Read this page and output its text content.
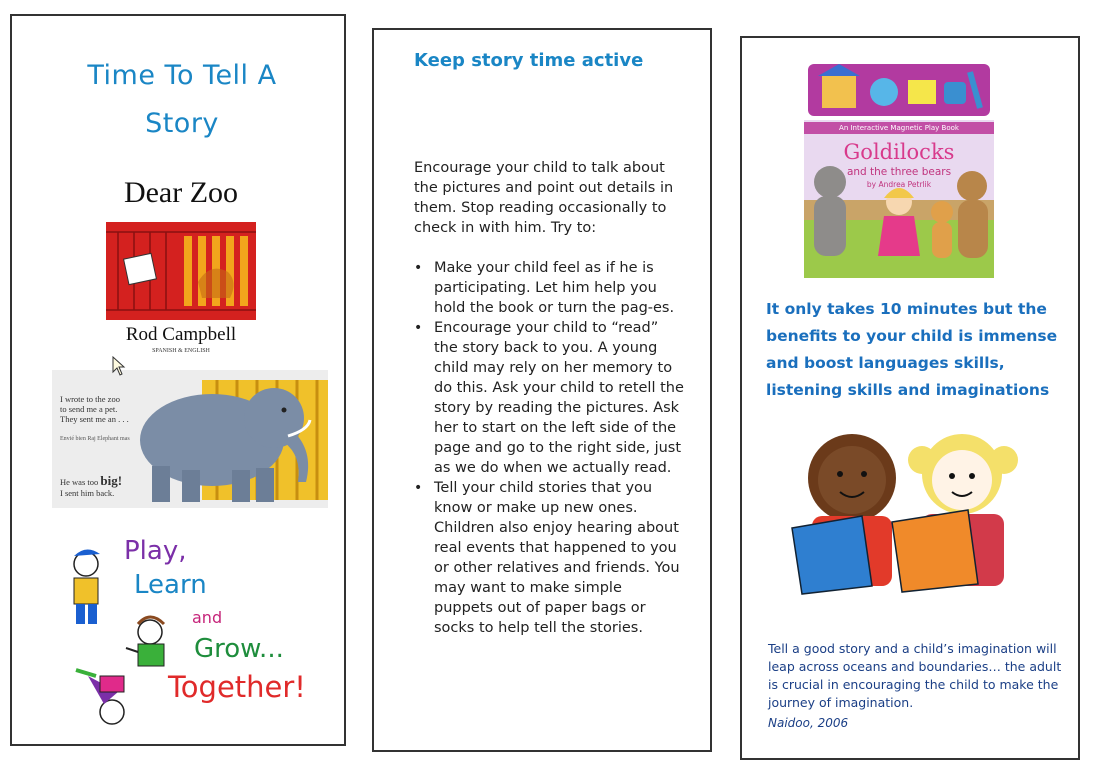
Time To Tell A
Story
Dear Zoo
Rod Campbell
SPANISH & ENGLISH
I wrote to the zoo
to send me a pet.
They sent me an . . .
Envié bien Raj Elephant mas
He was too big!
I sent him back.
Play,
Learn
and
Grow...
Together!
Keep story time active
Encourage your child to talk about the pictures and point out details in them. Stop reading occasionally to check in with him. Try to:
• Make your child feel as if he is participating. Let him help you hold the book or turn the pag-es.
• Encourage your child to “read” the story back to you. A young child may rely on her memory to do this. Ask your child to retell the story by reading the pictures. Ask her to start on the left side of the page and go to the right side, just as we do when we actually read.
• Tell your child stories that you know or make up new ones. Children also enjoy hearing about real events that happened to you or other relatives and friends. You may want to make simple puppets out of paper bags or socks to help tell the stories.
An Interactive Magnetic Play Book
Goldilocks
and the three bears
by Andrea Petrlik
It only takes 10 minutes but the benefits to your child is immense and boost languages skills, listening skills and imaginations
Tell a good story and a child’s imagination will leap across oceans and boundaries… the adult is crucial in encouraging the child to make the journey of imagination.
Naidoo, 2006
